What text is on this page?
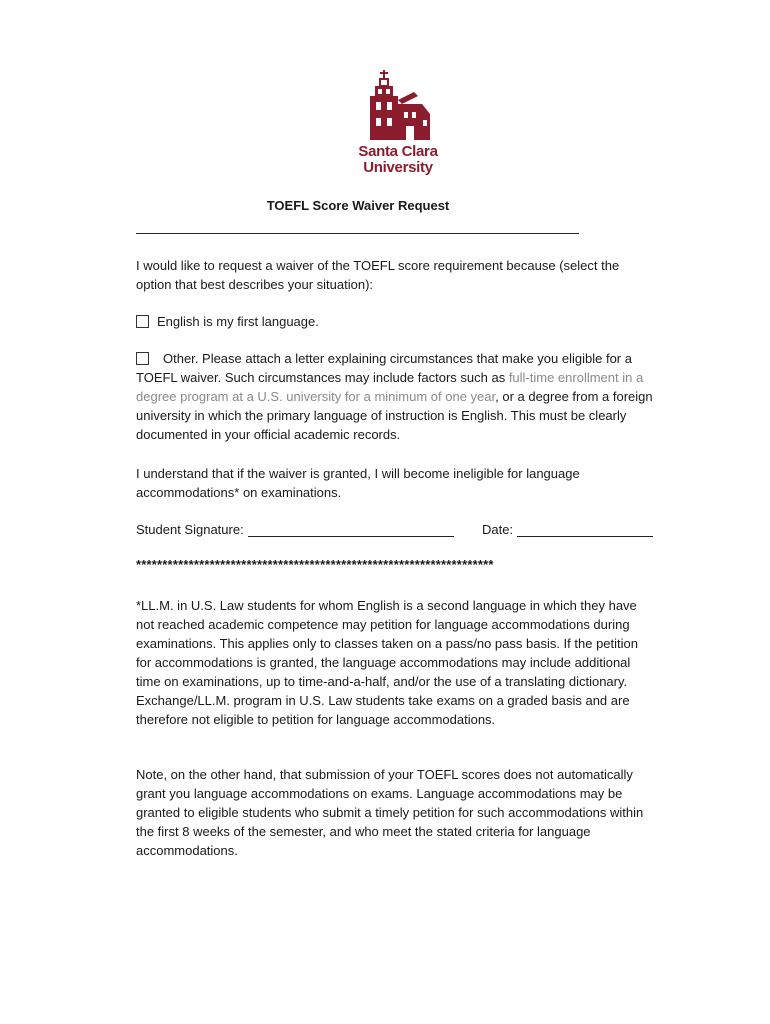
Santa Clara
University
TOEFL Score Waiver Request

I would like to request a waiver of the TOEFL score requirement because (select the option that best describes your situation):

English is my first language.
Other. Please attach a letter explaining circumstances that make you eligible for a TOEFL waiver. Such circumstances may include factors such as full-time enrollment in a degree program at a U.S. university for a minimum of one year, or a degree from a foreign university in which the primary language of instruction is English. This must be clearly documented in your official academic records.

I understand that if the waiver is granted, I will become ineligible for language accommodations* on examinations.

Student Signature:	Date:
********************************************************************

*LL.M. in U.S. Law students for whom English is a second language in which they have not reached academic competence may petition for language accommodations during examinations. This applies only to classes taken on a pass/no pass basis. If the petition for accommodations is granted, the language accommodations may include additional time on examinations, up to time-and-a-half, and/or the use of a translating dictionary. Exchange/LL.M. program in U.S. Law students take exams on a graded basis and are therefore not eligible to petition for language accommodations.

Note, on the other hand, that submission of your TOEFL scores does not automatically grant you language accommodations on exams. Language accommodations may be granted to eligible students who submit a timely petition for such accommodations within the first 8 weeks of the semester, and who meet the stated criteria for language accommodations.
